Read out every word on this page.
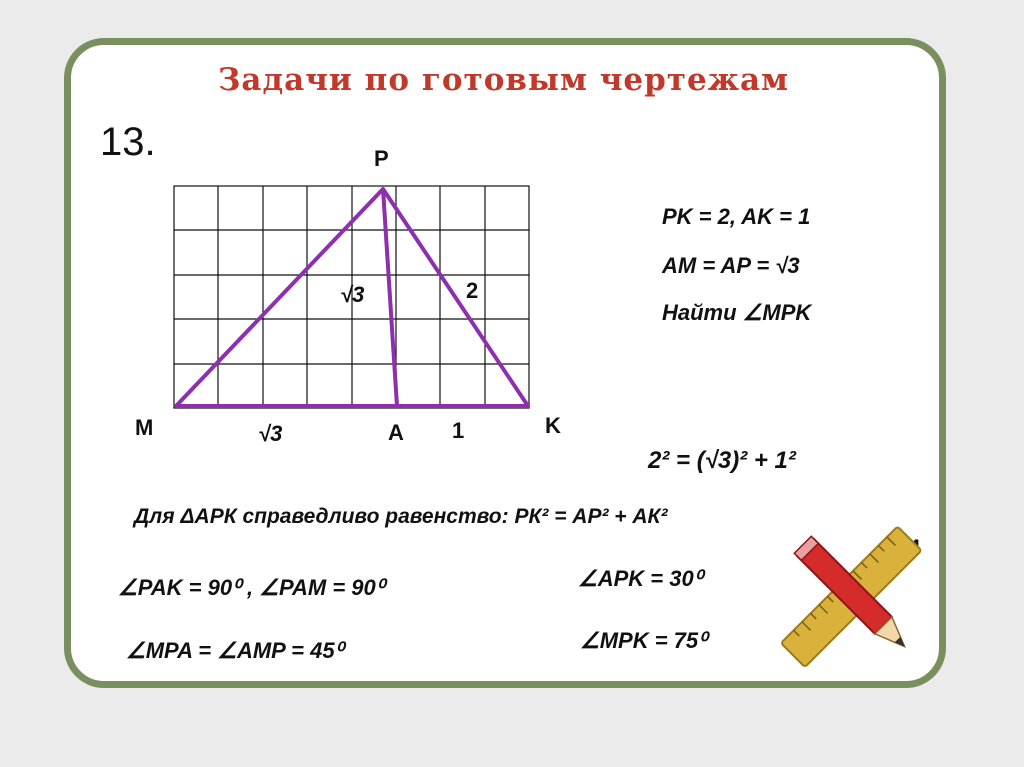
Задачи по готовым чертежам
13.	P
M	A	K
√3	2
√3	1
PK = 2, AK = 1
AM = AP = √3
Найти ∠MPK
2² = (√3)² + 1²
Для ΔАРК справедливо равенство: РК² = АР² + АК²
∠PAK = 90⁰ , ∠PAM = 90⁰	∠APK = 30⁰
∠MPA = ∠AMP = 45⁰	∠MPK = 75⁰
